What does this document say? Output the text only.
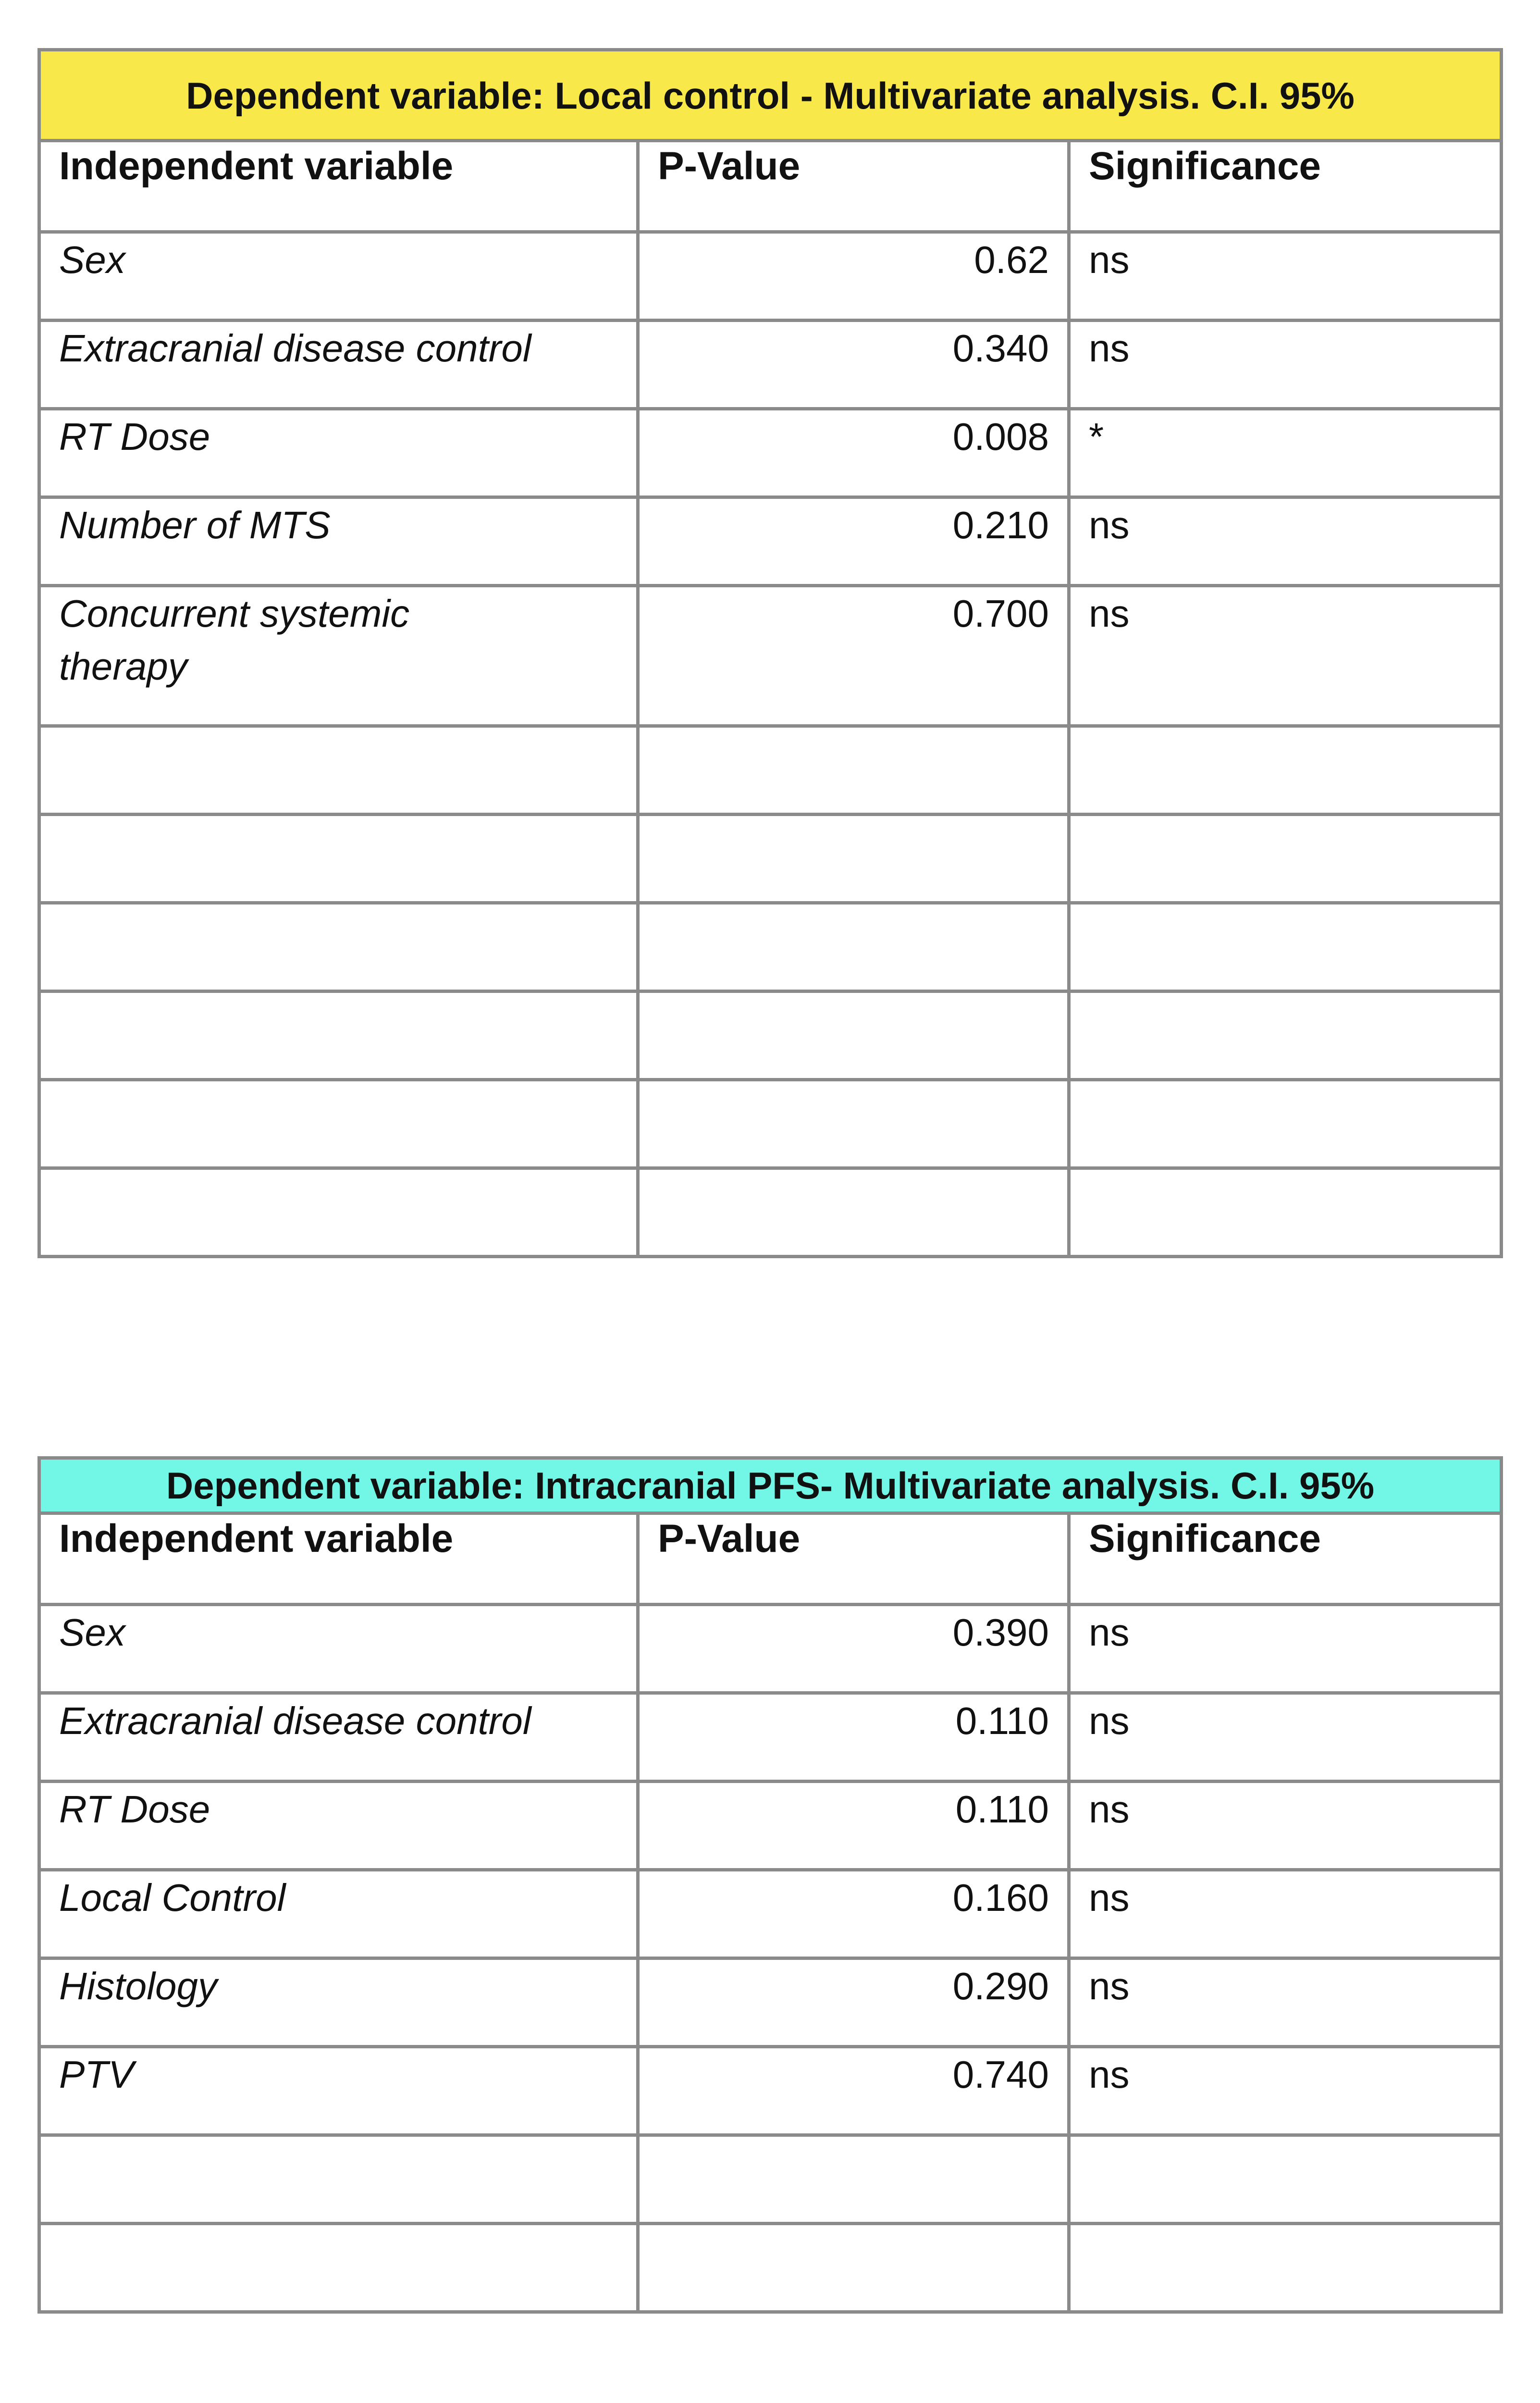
Dependent variable: Local control - Multivariate analysis. C.I. 95%		
Independent variable	P-Value	Significance
Sex	0.62	ns
Extracranial disease control	0.340	ns
RT Dose	0.008	*
Number of MTS	0.210	ns
Concurrent systemic therapy	0.700	ns

Dependent variable: Intracranial PFS- Multivariate analysis. C.I. 95%		
Independent variable	P-Value	Significance
Sex	0.390	ns
Extracranial disease control	0.110	ns
RT Dose	0.110	ns
Local Control	0.160	ns
Histology	0.290	ns
PTV	0.740	ns
